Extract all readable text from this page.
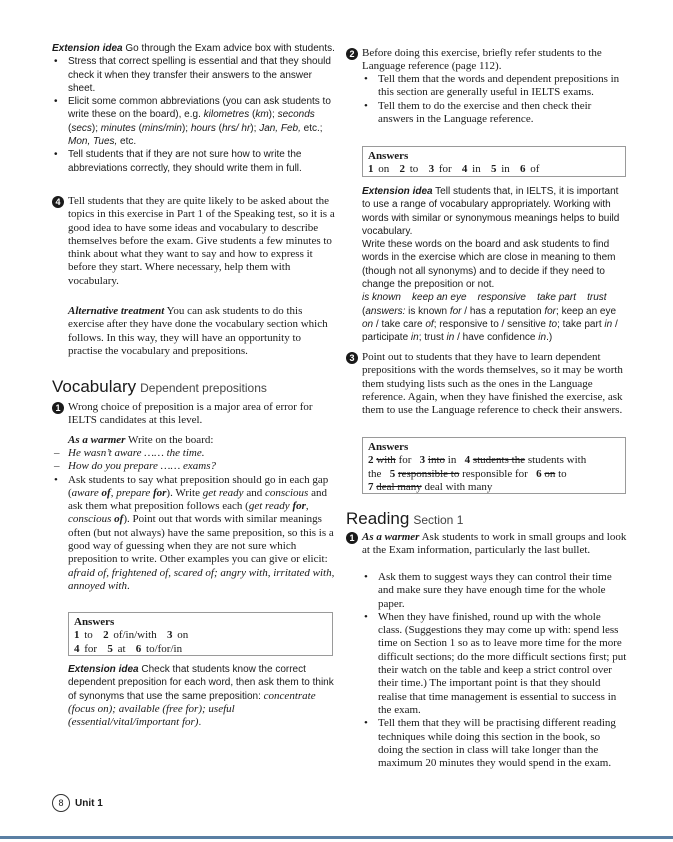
Extension idea Go through the Exam advice box with students.
• Stress that correct spelling is essential and that they should check it when they transfer their answers to the answer sheet.
• Elicit some common abbreviations (you can ask students to write these on the board), e.g. kilometres (km); seconds (secs); minutes (mins/min); hours (hrs/ hr); Jan, Feb, etc.; Mon, Tues, etc.
• Tell students that if they are not sure how to write the abbreviations correctly, they should write them in full.
4 Tell students that they are quite likely to be asked about the topics in this exercise in Part 1 of the Speaking test, so it is a good idea to have some ideas and vocabulary to describe themselves before the exam. Give students a few minutes to think about what they want to say and how to express it before they start. Where necessary, help them with vocabulary.
Alternative treatment You can ask students to do this exercise after they have done the vocabulary section which follows. In this way, they will have an opportunity to practise the vocabulary and prepositions.
Vocabulary Dependent prepositions
1 Wrong choice of preposition is a major area of error for IELTS candidates at this level.
As a warmer Write on the board:
– He wasn’t aware …… the time.
– How do you prepare …… exams?
• Ask students to say what preposition should go in each gap (aware of, prepare for). Write get ready and conscious and ask them what preposition follows each (get ready for, conscious of). Point out that words with similar meanings often (but not always) have the same preposition, so this is a good way of guessing when they are not sure which preposition to write. Other examples you can give or elicit: afraid of, frightened of, scared of; angry with, irritated with, annoyed with.
Answers
1 to 2 of/in/with 3 on
4 for 5 at 6 to/for/in
Extension idea Check that students know the correct dependent preposition for each word, then ask them to think of synonyms that use the same preposition: concentrate (focus on); available (free for); useful (essential/vital/important for).
2 Before doing this exercise, briefly refer students to the Language reference (page 112).
• Tell them that the words and dependent prepositions in this section are generally useful in IELTS exams.
• Tell them to do the exercise and then check their answers in the Language reference.
Answers
1 on 2 to 3 for 4 in 5 in 6 of
Extension idea Tell students that, in IELTS, it is important to use a range of vocabulary appropriately. Working with words with similar or synonymous meanings helps to build vocabulary.
Write these words on the board and ask students to find words in the exercise which are close in meaning to them (though not all synonyms) and to decide if they need to change the preposition or not.
is known    keep an eye    responsive    take part    trust
(answers: is known for / has a reputation for; keep an eye on / take care of; responsive to / sensitive to; take part in / participate in; trust in / have confidence in.)
3 Point out to students that they have to learn dependent prepositions with the words themselves, so it may be worth them studying lists such as the ones in the Language reference. Again, when they have finished the exercise, ask them to use the Language reference to check their answers.
Answers
2 with for 3 into in 4 students the students with
the 5 responsible to responsible for 6 on to
7 deal many deal with many
Reading Section 1
1 As a warmer Ask students to work in small groups and look at the Exam information, particularly the last bullet.
• Ask them to suggest ways they can control their time and make sure they have enough time for the whole paper.
• When they have finished, round up with the whole class. (Suggestions they may come up with: spend less time on Section 1 so as to leave more time for the more difficult sections; do the more difficult sections first; put their watch on the table and keep a strict control over their time.) The important point is that they should realise that time management is essential to success in the exam.
• Tell them that they will be practising different reading techniques while doing this section in the book, so doing the section in class will take longer than the maximum 20 minutes they would spend in the exam.
8 Unit 1
